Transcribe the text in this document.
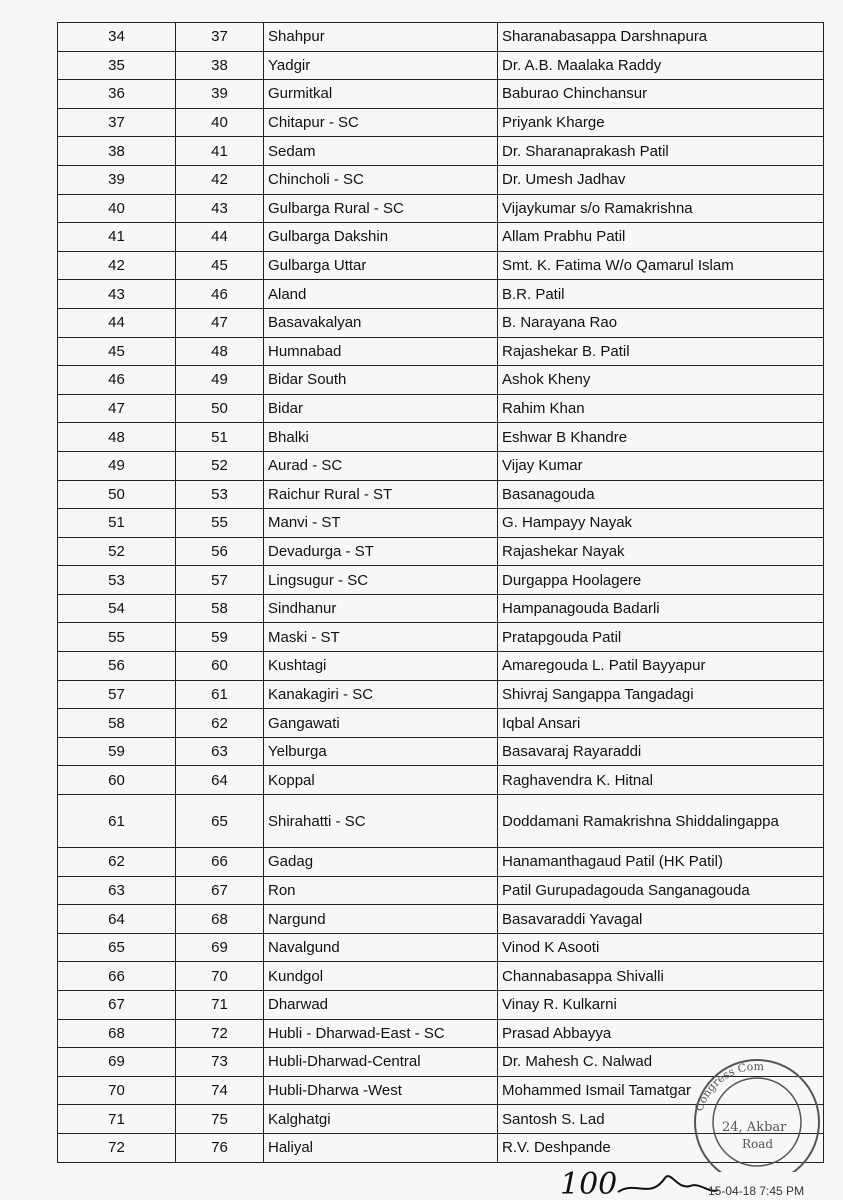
34	37	Shahpur	Sharanabasappa Darshnapura
35	38	Yadgir	Dr. A.B. Maalaka Raddy
36	39	Gurmitkal	Baburao Chinchansur
37	40	Chitapur - SC	Priyank Kharge
38	41	Sedam	Dr. Sharanaprakash Patil
39	42	Chincholi - SC	Dr. Umesh Jadhav
40	43	Gulbarga Rural - SC	Vijaykumar s/o Ramakrishna
41	44	Gulbarga Dakshin	Allam Prabhu Patil
42	45	Gulbarga Uttar	Smt. K. Fatima W/o Qamarul Islam
43	46	Aland	B.R. Patil
44	47	Basavakalyan	B. Narayana Rao
45	48	Humnabad	Rajashekar B. Patil
46	49	Bidar South	Ashok Kheny
47	50	Bidar	Rahim Khan
48	51	Bhalki	Eshwar B Khandre
49	52	Aurad - SC	Vijay Kumar
50	53	Raichur Rural - ST	Basanagouda
51	55	Manvi - ST	G. Hampayy Nayak
52	56	Devadurga - ST	Rajashekar Nayak
53	57	Lingsugur - SC	Durgappa Hoolagere
54	58	Sindhanur	Hampanagouda Badarli
55	59	Maski - ST	Pratapgouda Patil
56	60	Kushtagi	Amaregouda L. Patil Bayyapur
57	61	Kanakagiri - SC	Shivraj Sangappa Tangadagi
58	62	Gangawati	Iqbal Ansari
59	63	Yelburga	Basavaraj Rayaraddi
60	64	Koppal	Raghavendra K. Hitnal
61	65	Shirahatti - SC	Doddamani Ramakrishna Shiddalingappa
62	66	Gadag	Hanamanthagaud Patil (HK Patil)
63	67	Ron	Patil Gurupadagouda Sanganagouda
64	68	Nargund	Basavaraddi Yavagal
65	69	Navalgund	Vinod K Asooti
66	70	Kundgol	Channabasappa Shivalli
67	71	Dharwad	Vinay R. Kulkarni
68	72	Hubli - Dharwad-East - SC	Prasad Abbayya
69	73	Hubli-Dharwad-Central	Dr. Mahesh C. Nalwad
70	74	Hubli-Dharwa -West	Mohammed Ismail Tamatgar
71	75	Kalghatgi	Santosh S. Lad
72	76	Haliyal	R.V. Deshpande
Congress Com
24, Akbar
Road
100	15-04-18 7:45 PM
